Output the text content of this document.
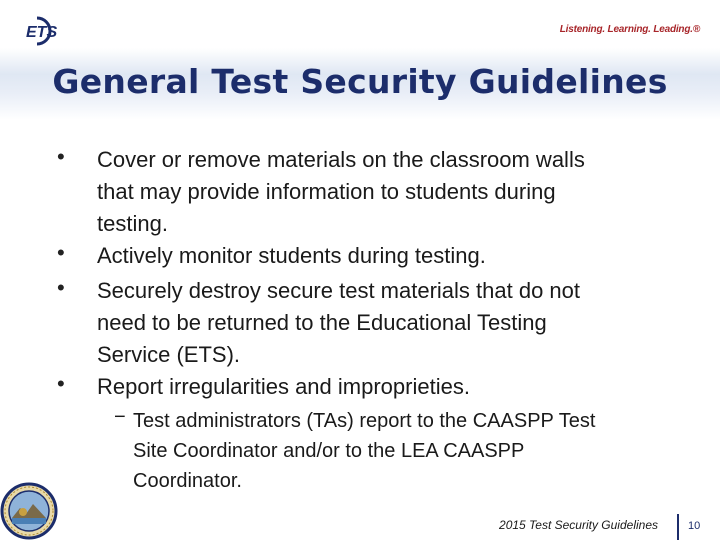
ETS	Listening. Learning. Leading.®
General Test Security Guidelines
• Cover or remove materials on the classroom walls
that may provide information to students during
testing.
• Actively monitor students during testing.
• Securely destroy secure test materials that do not
need to be returned to the Educational Testing
Service (ETS).
• Report irregularities and improprieties.
− Test administrators (TAs) report to the CAASPP Test
Site Coordinator and/or to the LEA CAASPP
Coordinator.
2015 Test Security Guidelines	10
